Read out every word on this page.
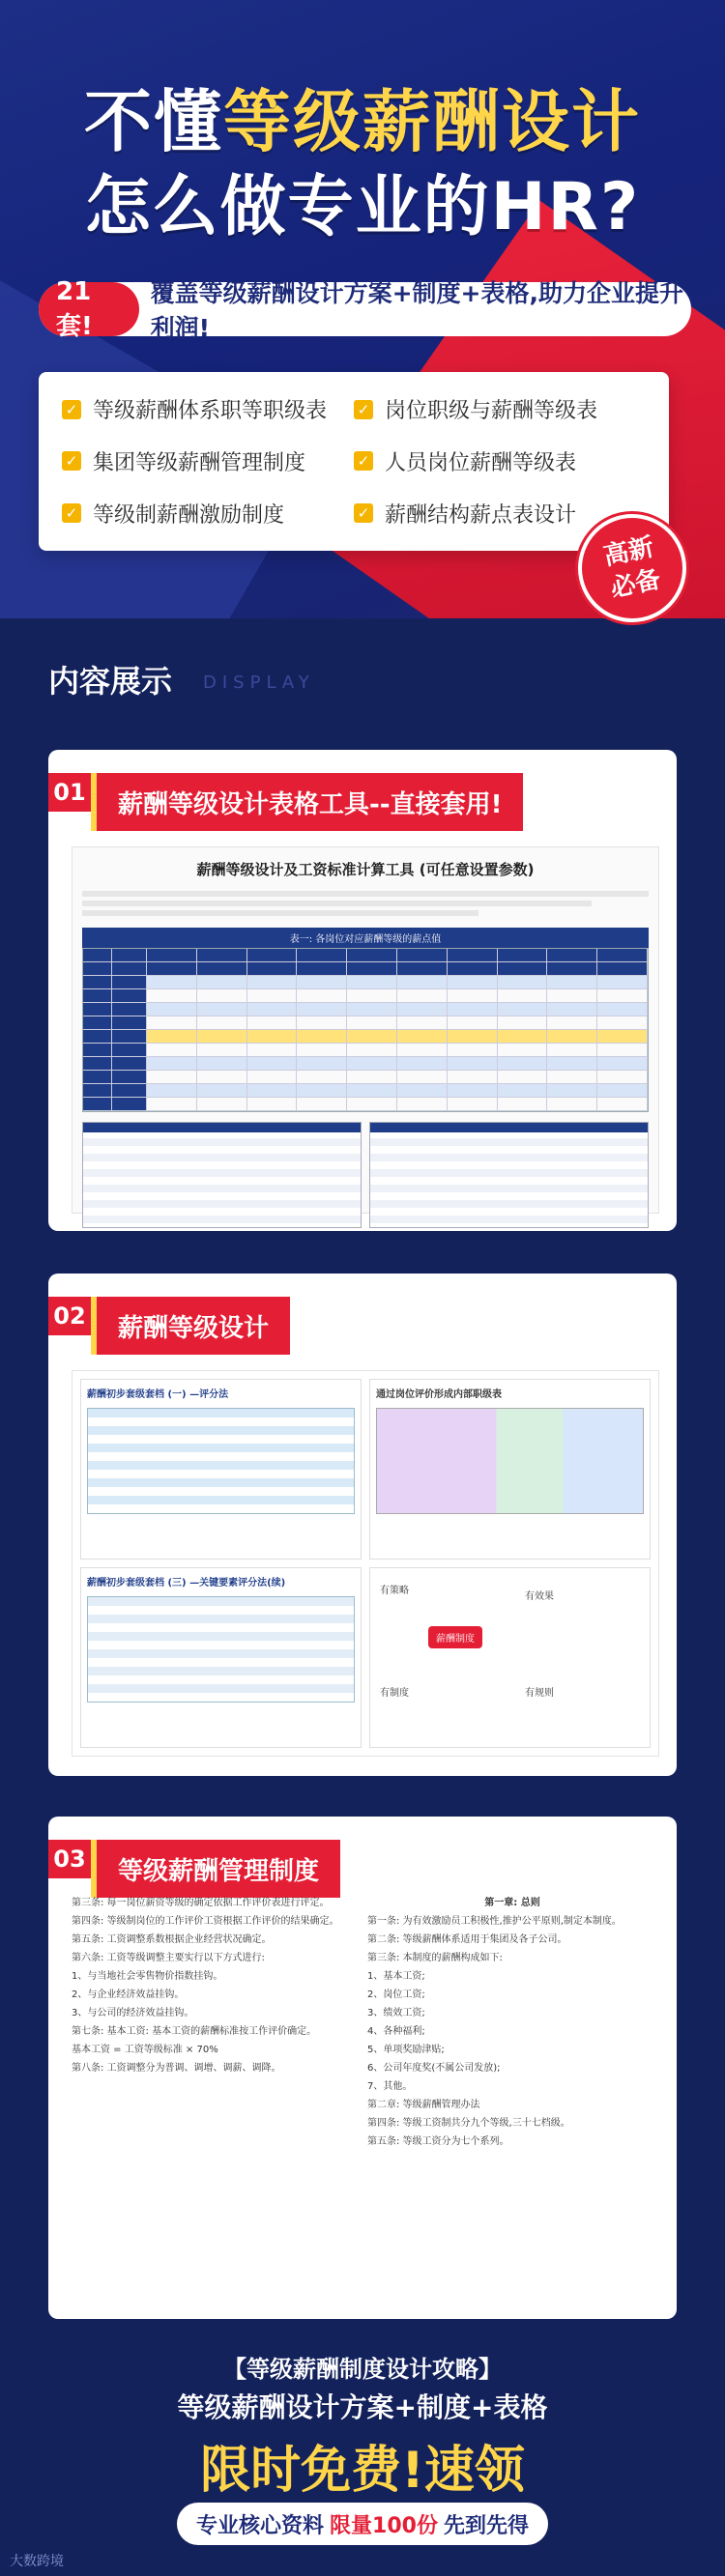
不懂等级薪酬设计
怎么做专业的HR?
21套!
覆盖等级薪酬设计方案+制度+表格,助力企业提升利润!
✓ 等级薪酬体系职等职级表 ✓ 岗位职级与薪酬等级表
✓ 集团等级薪酬管理制度	✓ 人员岗位薪酬等级表
✓ 等级制薪酬激励制度	✓ 薪酬结构薪点表设计
高新
必备
内容展示 DISPLAY
01	薪酬等级设计表格工具--直接套用!
薪酬等级设计及工资标准计算工具 (可任意设置参数)
表一: 各岗位对应薪酬等级的薪点值
02	薪酬等级设计
薪酬初步套级套档 (一) —评分法
薪酬初步套级套档 (三) —关键要素评分法(续)
通过岗位评价形成内部职级表
薪酬制度
有策略
有制度
有效果
有规则
03	等级薪酬管理制度
第三条: 每一岗位薪资等级的确定依据工作评价表进行评定。
第四条: 等级制岗位的工作评价工资根据工作评价的结果确定。
第五条: 工资调整系数根据企业经营状况确定。
第六条: 工资等级调整主要实行以下方式进行:
1、与当地社会零售物价指数挂钩。
2、与企业经济效益挂钩。
3、与公司的经济效益挂钩。
第七条: 基本工资: 基本工资的薪酬标准按工作评价确定。
基本工资 = 工资等级标准 × 70%
第八条: 工资调整分为普调、调增、调薪、调降。
第一章: 总则
第一条: 为有效激励员工积极性,推护公平原则,制定本制度。
第二条: 等级薪酬体系适用于集团及各子公司。
第三条: 本制度的薪酬构成如下:
1、基本工资;
2、岗位工资;
3、绩效工资;
4、各种福利;
5、单项奖励津贴;
6、公司年度奖(不属公司发放);
7、其他。
第二章: 等级薪酬管理办法
第四条: 等级工资制共分九个等级,三十七档级。
第五条: 等级工资分为七个系列。
【等级薪酬制度设计攻略】
等级薪酬设计方案+制度+表格
限时免费!速领
专业核心资料 限量100份 先到先得
大数跨境
